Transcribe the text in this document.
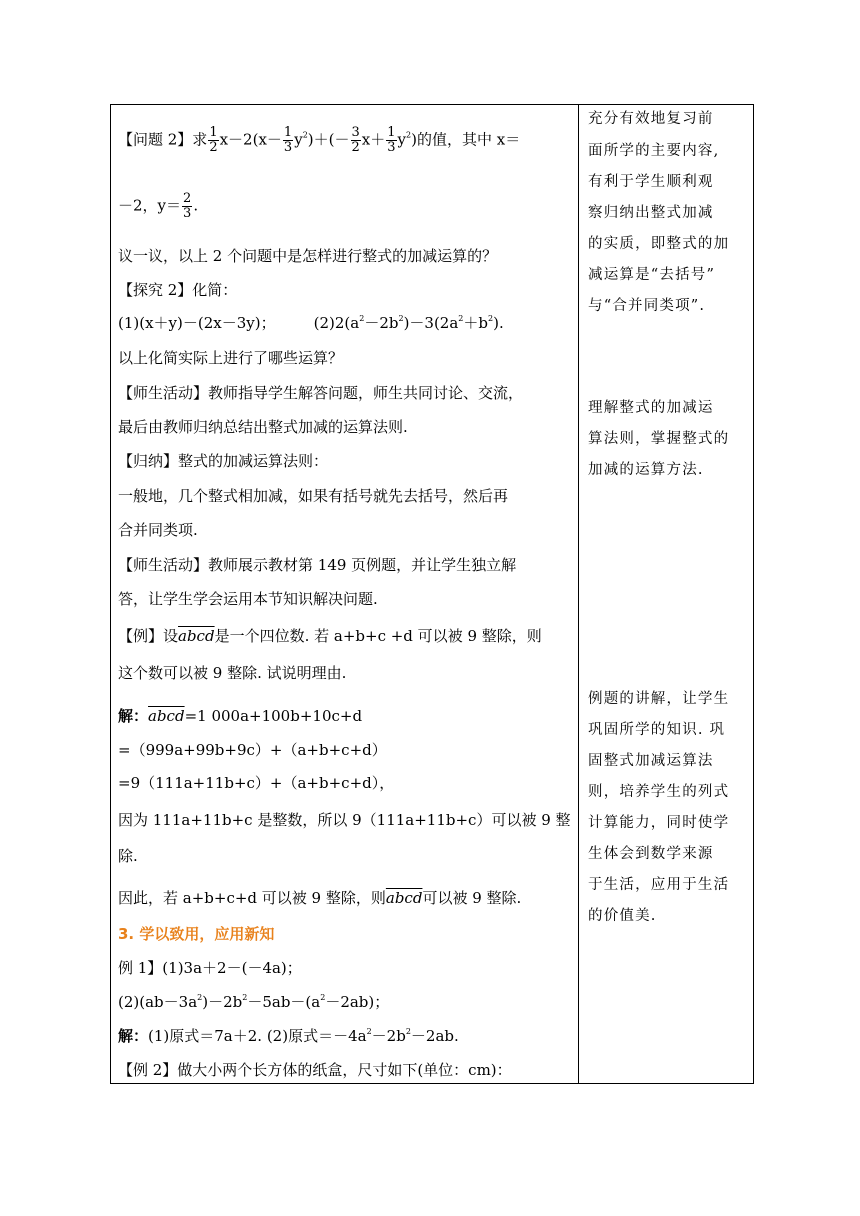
【问题 2】求 $\frac{1}{2} x-2(x- \frac{1}{3} y^2)+(- \frac{3}{2} x+ \frac{1}{3} y^2)$的值，其中 x＝
－2，$y= \frac{2}{3}$ .
议一议，以上 2 个问题中是怎样进行整式的加减运算的？
【探究 2】化简：
(1)(x＋y)－(2x－3y)；	$(2)2(a^2-2b^2)-3(2a^2+b^2)$.
以上化简实际上进行了哪些运算？
【师生活动】教师指导学生解答问题，师生共同讨论、交流，
最后由教师归纳总结出整式加减的运算法则.
【归纳】整式的加减运算法则：
一般地，几个整式相加减，如果有括号就先去括号，然后再
合并同类项.
【师生活动】教师展示教材第 149 页例题，并让学生独立解
答，让学生学会运用本节知识解决问题.
【例】设abcd是一个四位数. 若 a+b+c +d 可以被 9 整除，则
这个数可以被 9 整除. 试说明理由.
解：abcd=1 000a+100b+10c+d
=（999a+99b+9c）+（a+b+c+d）
=9（111a+11b+c）+（a+b+c+d），
因为 111a+11b+c 是整数，所以 9（111a+11b+c）可以被 9 整
除.
因此，若 a+b+c+d 可以被 9 整除，则abcd可以被 9 整除.
3. 学以致用，应用新知
例 1】(1)3a＋2－(－4a)；
$(2)(ab-3a^2)-2b^2-5ab-(a^2-2ab)$；
解：(1)原式＝7a＋2. (2)原式$=-4a^2-2b^2-2ab$.
【例 2】做大小两个长方体的纸盒，尺寸如下(单位：cm)：
充分有效地复习前
面所学的主要内容,
有利于学生顺利观
察归纳出整式加减
的实质，即整式的加
减运算是“去括号”
与“合并同类项”.
理解整式的加减运
算法则，掌握整式的
加减的运算方法.
例题的讲解，让学生
巩固所学的知识. 巩
固整式加减运算法
则，培养学生的列式
计算能力，同时使学
生体会到数学来源
于生活，应用于生活
的价值美.
